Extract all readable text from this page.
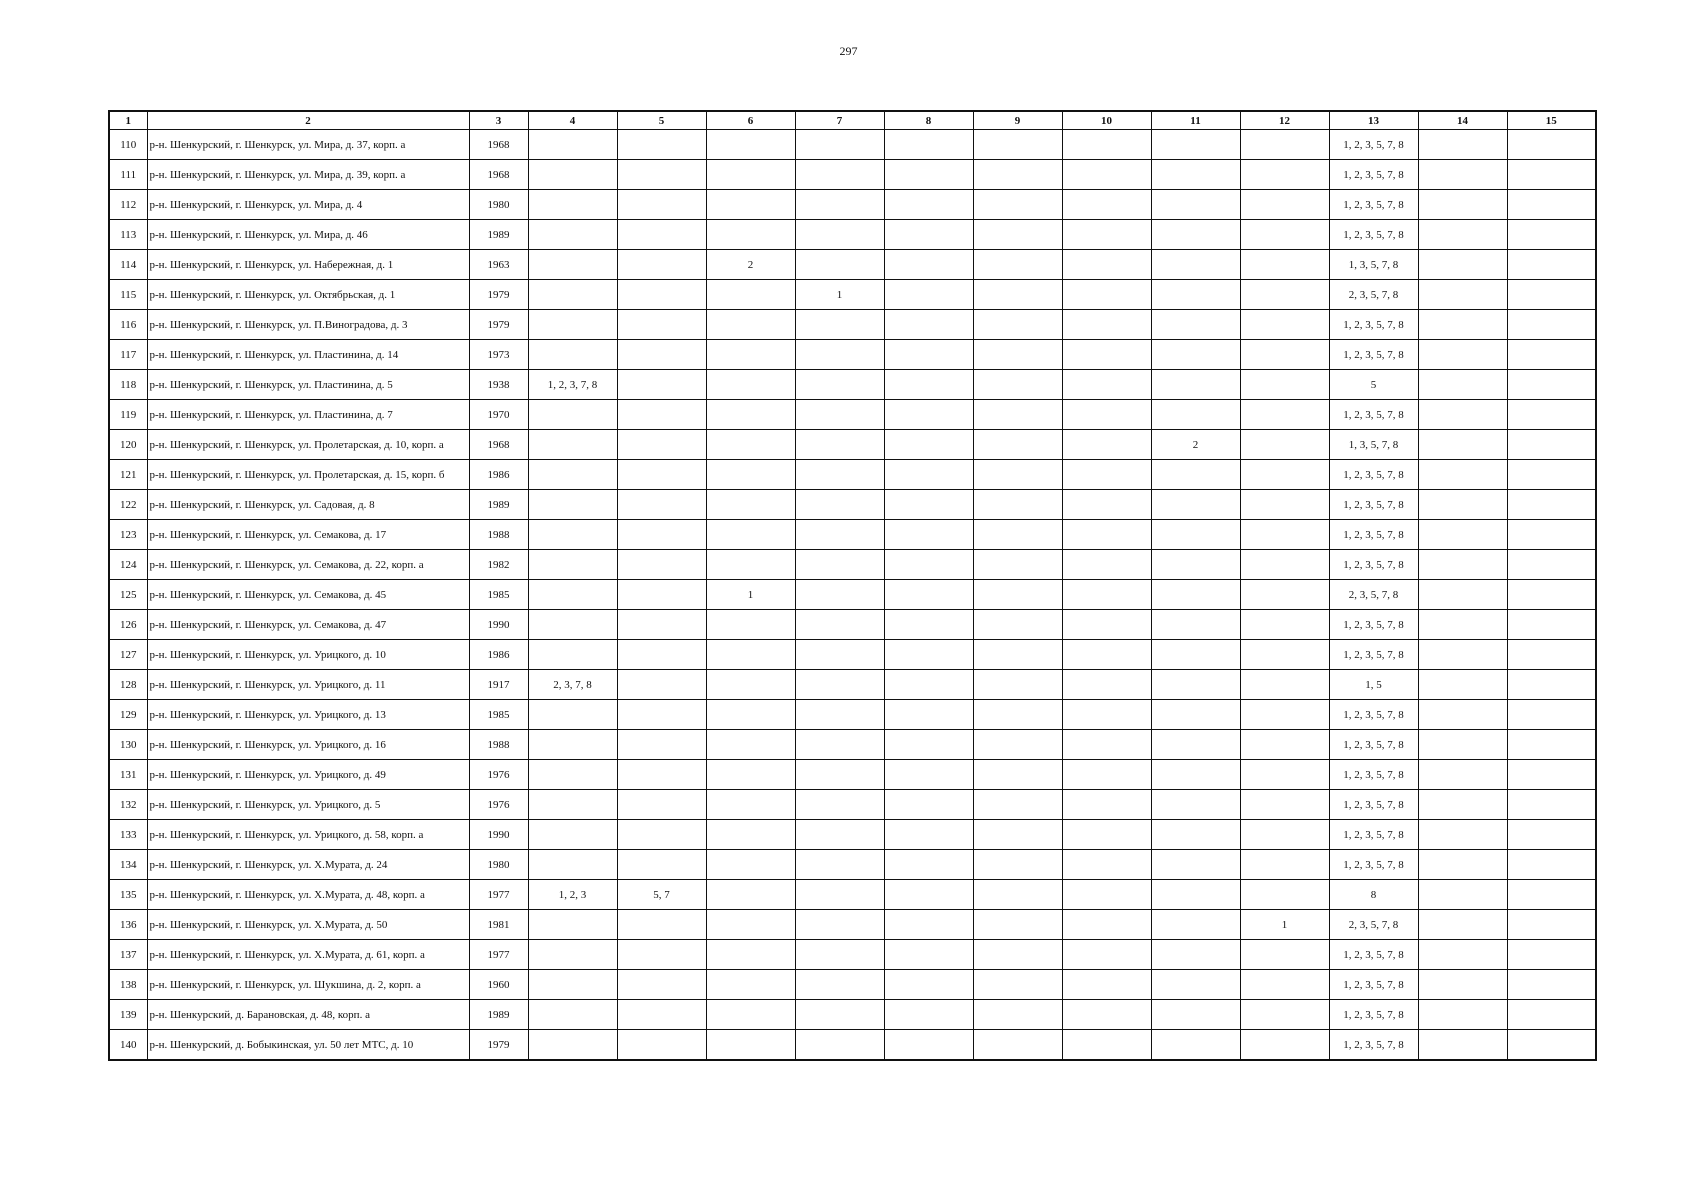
297
1	2	3	4	5	6	7	8	9	10	11	12	13	14	15
110	р-н. Шенкурский, г. Шенкурск, ул. Мира, д. 37, корп. а	1968										1, 2, 3, 5, 7, 8		
111	р-н. Шенкурский, г. Шенкурск, ул. Мира, д. 39, корп. а	1968										1, 2, 3, 5, 7, 8		
112	р-н. Шенкурский, г. Шенкурск, ул. Мира, д. 4	1980										1, 2, 3, 5, 7, 8		
113	р-н. Шенкурский, г. Шенкурск, ул. Мира, д. 46	1989										1, 2, 3, 5, 7, 8		
114	р-н. Шенкурский, г. Шенкурск, ул. Набережная, д. 1	1963			2							1, 3, 5, 7, 8		
115	р-н. Шенкурский, г. Шенкурск, ул. Октябрьская, д. 1	1979				1						2, 3, 5, 7, 8		
116	р-н. Шенкурский, г. Шенкурск, ул. П.Виноградова, д. 3	1979										1, 2, 3, 5, 7, 8		
117	р-н. Шенкурский, г. Шенкурск, ул. Пластинина, д. 14	1973										1, 2, 3, 5, 7, 8		
118	р-н. Шенкурский, г. Шенкурск, ул. Пластинина, д. 5	1938	1, 2, 3, 7, 8									5		
119	р-н. Шенкурский, г. Шенкурск, ул. Пластинина, д. 7	1970										1, 2, 3, 5, 7, 8		
120	р-н. Шенкурский, г. Шенкурск, ул. Пролетарская, д. 10, корп. а	1968								2		1, 3, 5, 7, 8		
121	р-н. Шенкурский, г. Шенкурск, ул. Пролетарская, д. 15, корп. б	1986										1, 2, 3, 5, 7, 8		
122	р-н. Шенкурский, г. Шенкурск, ул. Садовая, д. 8	1989										1, 2, 3, 5, 7, 8		
123	р-н. Шенкурский, г. Шенкурск, ул. Семакова, д. 17	1988										1, 2, 3, 5, 7, 8		
124	р-н. Шенкурский, г. Шенкурск, ул. Семакова, д. 22, корп. а	1982										1, 2, 3, 5, 7, 8		
125	р-н. Шенкурский, г. Шенкурск, ул. Семакова, д. 45	1985			1							2, 3, 5, 7, 8		
126	р-н. Шенкурский, г. Шенкурск, ул. Семакова, д. 47	1990										1, 2, 3, 5, 7, 8		
127	р-н. Шенкурский, г. Шенкурск, ул. Урицкого, д. 10	1986										1, 2, 3, 5, 7, 8		
128	р-н. Шенкурский, г. Шенкурск, ул. Урицкого, д. 11	1917	2, 3, 7, 8									1, 5		
129	р-н. Шенкурский, г. Шенкурск, ул. Урицкого, д. 13	1985										1, 2, 3, 5, 7, 8		
130	р-н. Шенкурский, г. Шенкурск, ул. Урицкого, д. 16	1988										1, 2, 3, 5, 7, 8		
131	р-н. Шенкурский, г. Шенкурск, ул. Урицкого, д. 49	1976										1, 2, 3, 5, 7, 8		
132	р-н. Шенкурский, г. Шенкурск, ул. Урицкого, д. 5	1976										1, 2, 3, 5, 7, 8		
133	р-н. Шенкурский, г. Шенкурск, ул. Урицкого, д. 58, корп. а	1990										1, 2, 3, 5, 7, 8		
134	р-н. Шенкурский, г. Шенкурск, ул. Х.Мурата, д. 24	1980										1, 2, 3, 5, 7, 8		
135	р-н. Шенкурский, г. Шенкурск, ул. Х.Мурата, д. 48, корп. а	1977	1, 2, 3	5, 7								8		
136	р-н. Шенкурский, г. Шенкурск, ул. Х.Мурата, д. 50	1981									1	2, 3, 5, 7, 8		
137	р-н. Шенкурский, г. Шенкурск, ул. Х.Мурата, д. 61, корп. а	1977										1, 2, 3, 5, 7, 8		
138	р-н. Шенкурский, г. Шенкурск, ул. Шукшина, д. 2, корп. а	1960										1, 2, 3, 5, 7, 8		
139	р-н. Шенкурский, д. Барановская, д. 48, корп. а	1989										1, 2, 3, 5, 7, 8		
140	р-н. Шенкурский, д. Бобыкинская, ул. 50 лет МТС, д. 10	1979										1, 2, 3, 5, 7, 8		
